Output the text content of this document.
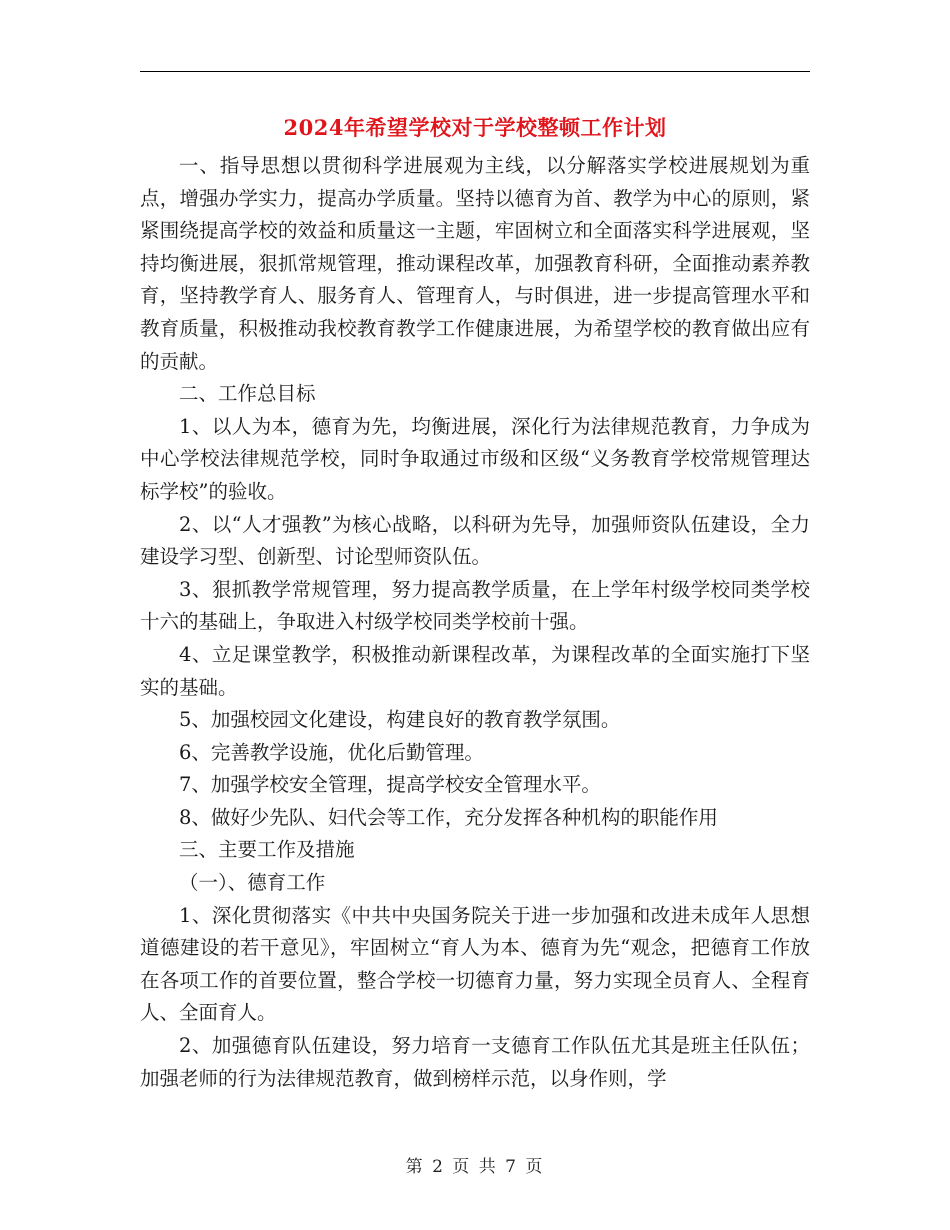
2024年希望学校对于学校整顿工作计划

一、指导思想以贯彻科学进展观为主线，以分解落实学校进展规划为重点，增强办学实力，提高办学质量。坚持以德育为首、教学为中心的原则，紧紧围绕提高学校的效益和质量这一主题，牢固树立和全面落实科学进展观，坚持均衡进展，狠抓常规管理，推动课程改革，加强教育科研，全面推动素养教育，坚持教学育人、服务育人、管理育人，与时俱进，进一步提高管理水平和教育质量，积极推动我校教育教学工作健康进展，为希望学校的教育做出应有的贡献。

二、工作总目标

1、以人为本，德育为先，均衡进展，深化行为法律规范教育，力争成为中心学校法律规范学校，同时争取通过市级和区级“义务教育学校常规管理达标学校”的验收。

2、以“人才强教”为核心战略，以科研为先导，加强师资队伍建设，全力建设学习型、创新型、讨论型师资队伍。

3、狠抓教学常规管理，努力提高教学质量，在上学年村级学校同类学校十六的基础上，争取进入村级学校同类学校前十强。

4、立足课堂教学，积极推动新课程改革，为课程改革的全面实施打下坚实的基础。

5、加强校园文化建设，构建良好的教育教学氛围。

6、完善教学设施，优化后勤管理。

7、加强学校安全管理，提高学校安全管理水平。

8、做好少先队、妇代会等工作，充分发挥各种机构的职能作用

三、主要工作及措施

（一）、德育工作

1、深化贯彻落实《中共中央国务院关于进一步加强和改进未成年人思想道德建设的若干意见》，牢固树立“育人为本、德育为先“观念，把德育工作放在各项工作的首要位置，整合学校一切德育力量，努力实现全员育人、全程育人、全面育人。

2、加强德育队伍建设，努力培育一支德育工作队伍尤其是班主任队伍；加强老师的行为法律规范教育，做到榜样示范，以身作则，学

第 2 页 共 7 页
